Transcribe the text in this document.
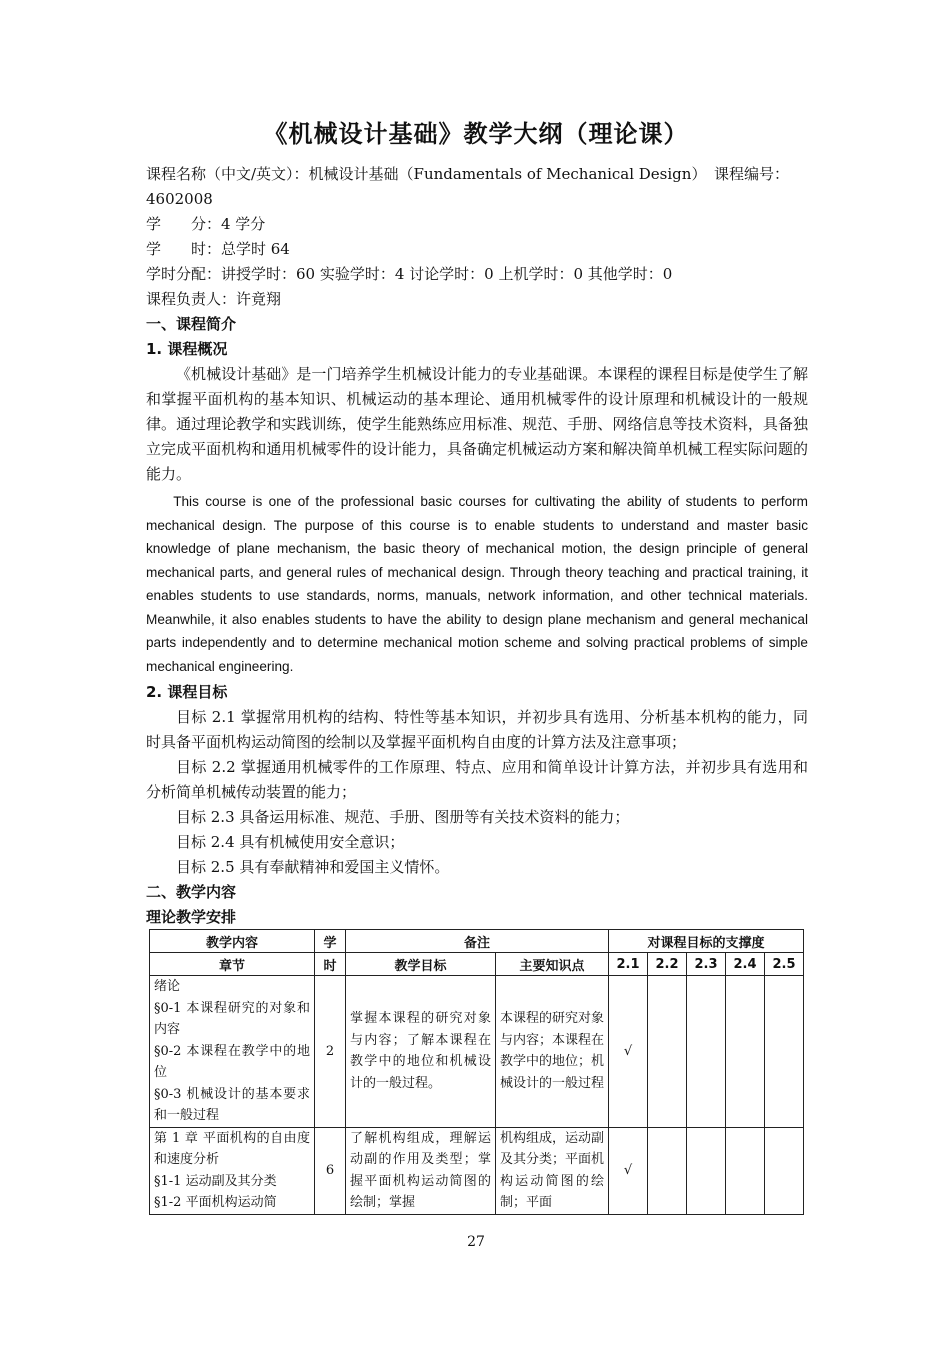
《机械设计基础》教学大纲（理论课）
课程名称（中文/英文）：机械设计基础（Fundamentals of Mechanical Design）　课程编号：
4602008
学　　分：4 学分
学　　时：总学时 64
学时分配：讲授学时：60 实验学时：4 讨论学时：0 上机学时：0 其他学时：0
课程负责人：许竟翔
一、课程简介
1. 课程概况

《机械设计基础》是一门培养学生机械设计能力的专业基础课。本课程的课程目标是使学生了解和掌握平面机构的基本知识、机械运动的基本理论、通用机械零件的设计原理和机械设计的一般规律。通过理论教学和实践训练，使学生能熟练应用标准、规范、手册、网络信息等技术资料，具备独立完成平面机构和通用机械零件的设计能力，具备确定机械运动方案和解决简单机械工程实际问题的能力。

This course is one of the professional basic courses for cultivating the ability of students to perform mechanical design. The purpose of this course is to enable students to understand and master basic knowledge of plane mechanism, the basic theory of mechanical motion, the design principle of general mechanical parts, and general rules of mechanical design. Through theory teaching and practical training, it enables students to use standards, norms, manuals, network information, and other technical materials. Meanwhile, it also enables students to have the ability to design plane mechanism and general mechanical parts independently and to determine mechanical motion scheme and solving practical problems of simple mechanical engineering.

2. 课程目标

目标 2.1 掌握常用机构的结构、特性等基本知识，并初步具有选用、分析基本机构的能力，同时具备平面机构运动简图的绘制以及掌握平面机构自由度的计算方法及注意事项；

目标 2.2 掌握通用机械零件的工作原理、特点、应用和简单设计计算方法，并初步具有选用和分析简单机械传动装置的能力；

目标 2.3 具备运用标准、规范、手册、图册等有关技术资料的能力；

目标 2.4 具有机械使用安全意识；

目标 2.5 具有奉献精神和爱国主义情怀。

二、教学内容
理论教学安排
教学内容	学	备注		对课程目标的支撑度				
章节	时	教学目标	主要知识点	2.1	2.2	2.3	2.4	2.5

绪论
§0-1 本课程研究的对象和内容
§0-2 本课程在教学中的地位
§0-3 机械设计的基本要求和一般过程	2	掌握本课程的研究对象与内容；了解本课程在教学中的地位和机械设计的一般过程。	本课程的研究对象与内容；本课程在教学中的地位；机械设计的一般过程	√				

第 1 章 平面机构的自由度和速度分析
§1-1 运动副及其分类
§1-2 平面机构运动简	6	了解机构组成，理解运动副的作用及类型；掌握平面机构运动简图的绘制；掌握	机构组成，运动副及其分类；平面机构运动简图的绘制；平面	√				
27
